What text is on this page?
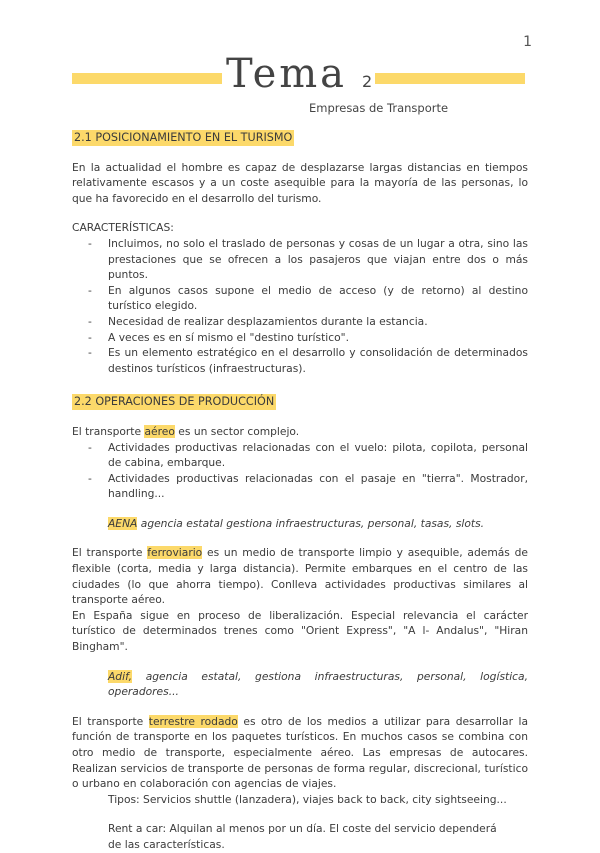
1
Tema 2
Empresas de Transporte
2.1 POSICIONAMIENTO EN EL TURISMO

En la actualidad el hombre es capaz de desplazarse largas distancias en tiempos relativamente escasos y a un coste asequible para la mayoría de las personas, lo que ha favorecido en el desarrollo del turismo.

CARACTERÍSTICAS:

- Incluimos, no solo el traslado de personas y cosas de un lugar a otra, sino las prestaciones que se ofrecen a los pasajeros que viajan entre dos o más puntos.
- En algunos casos supone el medio de acceso (y de retorno) al destino turístico elegido.
- Necesidad de realizar desplazamientos durante la estancia.
- A veces es en sí mismo el "destino turístico".
- Es un elemento estratégico en el desarrollo y consolidación de determinados destinos turísticos (infraestructuras).
2.2 OPERACIONES DE PRODUCCIÓN

El transporte aéreo es un sector complejo.

- Actividades productivas relacionadas con el vuelo: pilota, copilota, personal de cabina, embarque.
- Actividades productivas relacionadas con el pasaje en "tierra". Mostrador, handling...

AENA agencia estatal gestiona infraestructuras, personal, tasas, slots.

El transporte ferroviario es un medio de transporte limpio y asequible, además de flexible (corta, media y larga distancia). Permite embarques en el centro de las ciudades (lo que ahorra tiempo). Conlleva actividades productivas similares al transporte aéreo.

En España sigue en proceso de liberalización. Especial relevancia el carácter turístico de determinados trenes como "Orient Express", "A l- Andalus", "Hiran Bingham".

Adif, agencia estatal, gestiona infraestructuras, personal, logística, operadores...

El transporte terrestre rodado es otro de los medios a utilizar para desarrollar la función de transporte en los paquetes turísticos. En muchos casos se combina con otro medio de transporte, especialmente aéreo. Las empresas de autocares. Realizan servicios de transporte de personas de forma regular, discrecional, turístico o urbano en colaboración con agencias de viajes.

Tipos: Servicios shuttle (lanzadera), viajes back to back, city sightseeing...

Rent a car: Alquilan al menos por un día. El coste del servicio dependerá

de las características.
